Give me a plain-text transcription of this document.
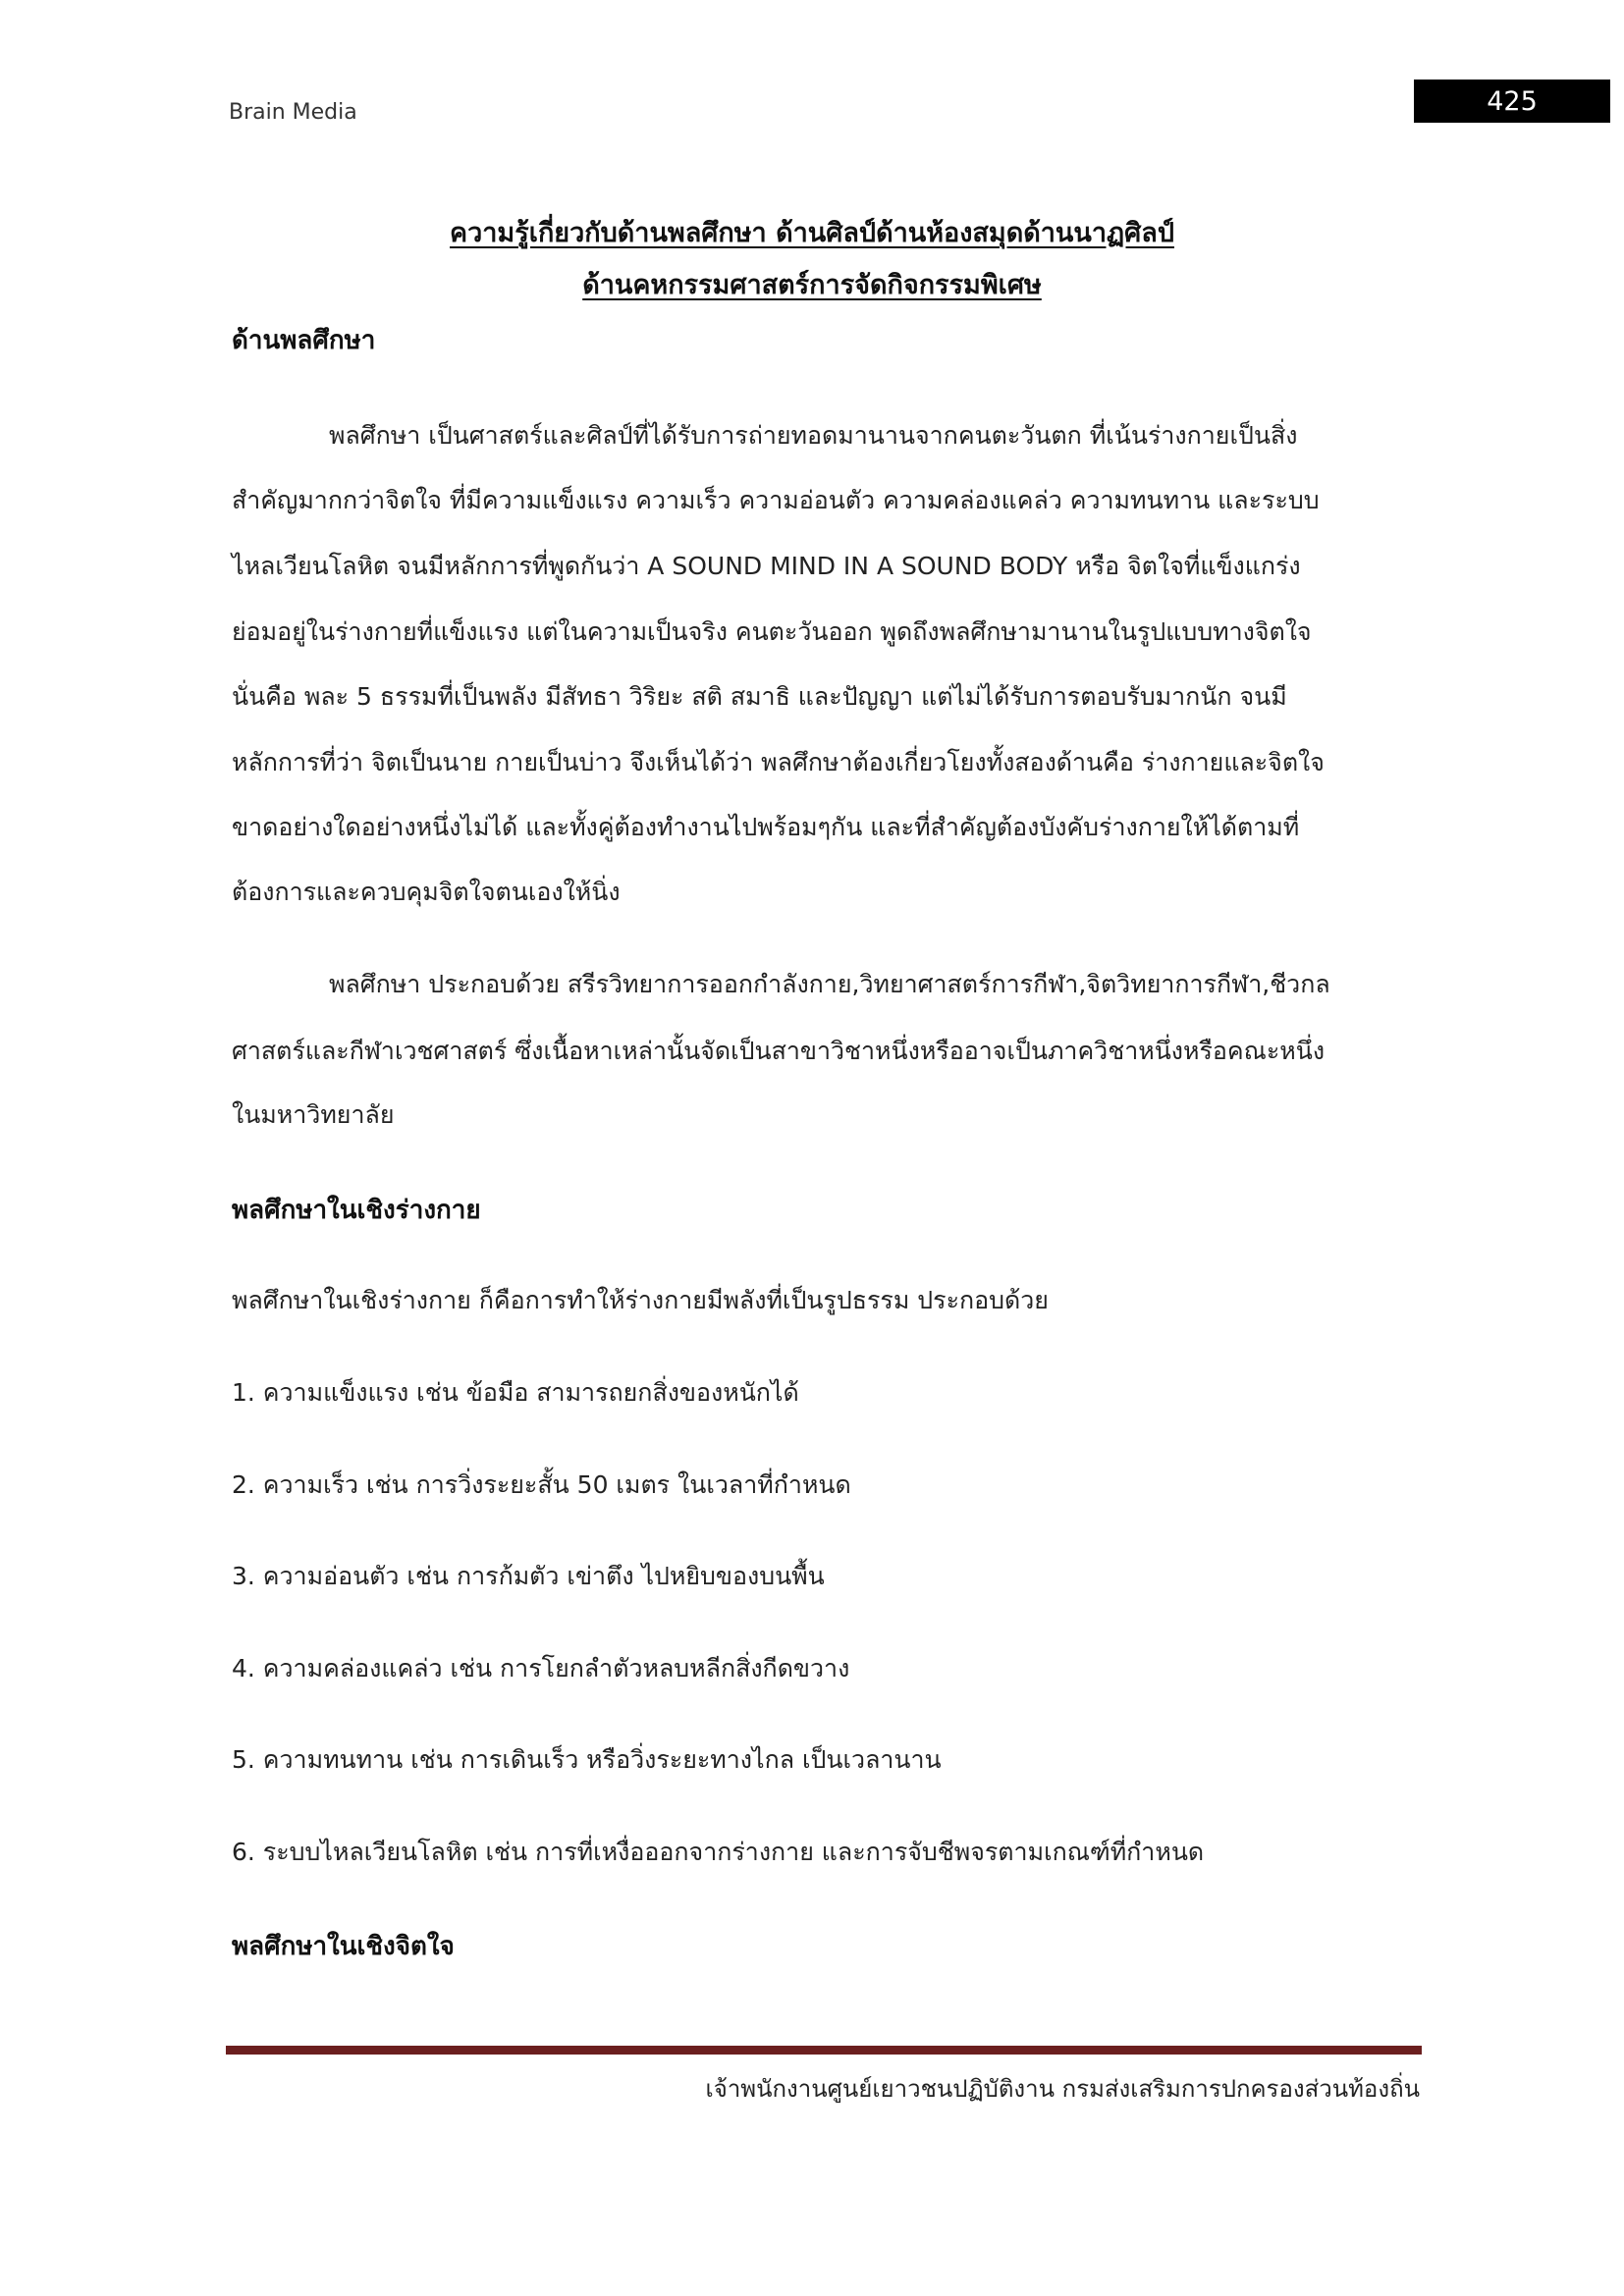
Brain Media	425
ความรู้เกี่ยวกับด้านพลศึกษา ด้านศิลป์ด้านห้องสมุดด้านนาฏศิลป์
ด้านคหกรรมศาสตร์การจัดกิจกรรมพิเศษ
ด้านพลศึกษา
พลศึกษา เป็นศาสตร์และศิลป์ที่ได้รับการถ่ายทอดมานานจากคนตะวันตก ที่เน้นร่างกายเป็นสิ่ง
สำคัญมากกว่าจิตใจ ที่มีความแข็งแรง ความเร็ว ความอ่อนตัว ความคล่องแคล่ว ความทนทาน และระบบ
ไหลเวียนโลหิต จนมีหลักการที่พูดกันว่า A SOUND MIND IN A SOUND BODY หรือ จิตใจที่แข็งแกร่ง
ย่อมอยู่ในร่างกายที่แข็งแรง แต่ในความเป็นจริง คนตะวันออก พูดถึงพลศึกษามานานในรูปแบบทางจิตใจ
นั่นคือ พละ 5 ธรรมที่เป็นพลัง มีสัทธา วิริยะ สติ สมาธิ และปัญญา แต่ไม่ได้รับการตอบรับมากนัก จนมี
หลักการที่ว่า จิตเป็นนาย กายเป็นบ่าว จึงเห็นได้ว่า พลศึกษาต้องเกี่ยวโยงทั้งสองด้านคือ ร่างกายและจิตใจ
ขาดอย่างใดอย่างหนึ่งไม่ได้ และทั้งคู่ต้องทำงานไปพร้อมๆกัน และที่สำคัญต้องบังคับร่างกายให้ได้ตามที่
ต้องการและควบคุมจิตใจตนเองให้นิ่ง
พลศึกษา ประกอบด้วย สรีรวิทยาการออกกำลังกาย,วิทยาศาสตร์การกีฬา,จิตวิทยาการกีฬา,ชีวกล
ศาสตร์และกีฬาเวชศาสตร์ ซึ่งเนื้อหาเหล่านั้นจัดเป็นสาขาวิชาหนึ่งหรืออาจเป็นภาควิชาหนึ่งหรือคณะหนึ่ง
ในมหาวิทยาลัย
พลศึกษาในเชิงร่างกาย
พลศึกษาในเชิงร่างกาย ก็คือการทำให้ร่างกายมีพลังที่เป็นรูปธรรม ประกอบด้วย
1. ความแข็งแรง เช่น ข้อมือ สามารถยกสิ่งของหนักได้
2. ความเร็ว เช่น การวิ่งระยะสั้น 50 เมตร ในเวลาที่กำหนด
3. ความอ่อนตัว เช่น การก้มตัว เข่าตึง ไปหยิบของบนพื้น
4. ความคล่องแคล่ว เช่น การโยกลำตัวหลบหลีกสิ่งกีดขวาง
5. ความทนทาน เช่น การเดินเร็ว หรือวิ่งระยะทางไกล เป็นเวลานาน
6. ระบบไหลเวียนโลหิต เช่น การที่เหงื่อออกจากร่างกาย และการจับชีพจรตามเกณฑ์ที่กำหนด
พลศึกษาในเชิงจิตใจ
เจ้าพนักงานศูนย์เยาวชนปฏิบัติงาน กรมส่งเสริมการปกครองส่วนท้องถิ่น
